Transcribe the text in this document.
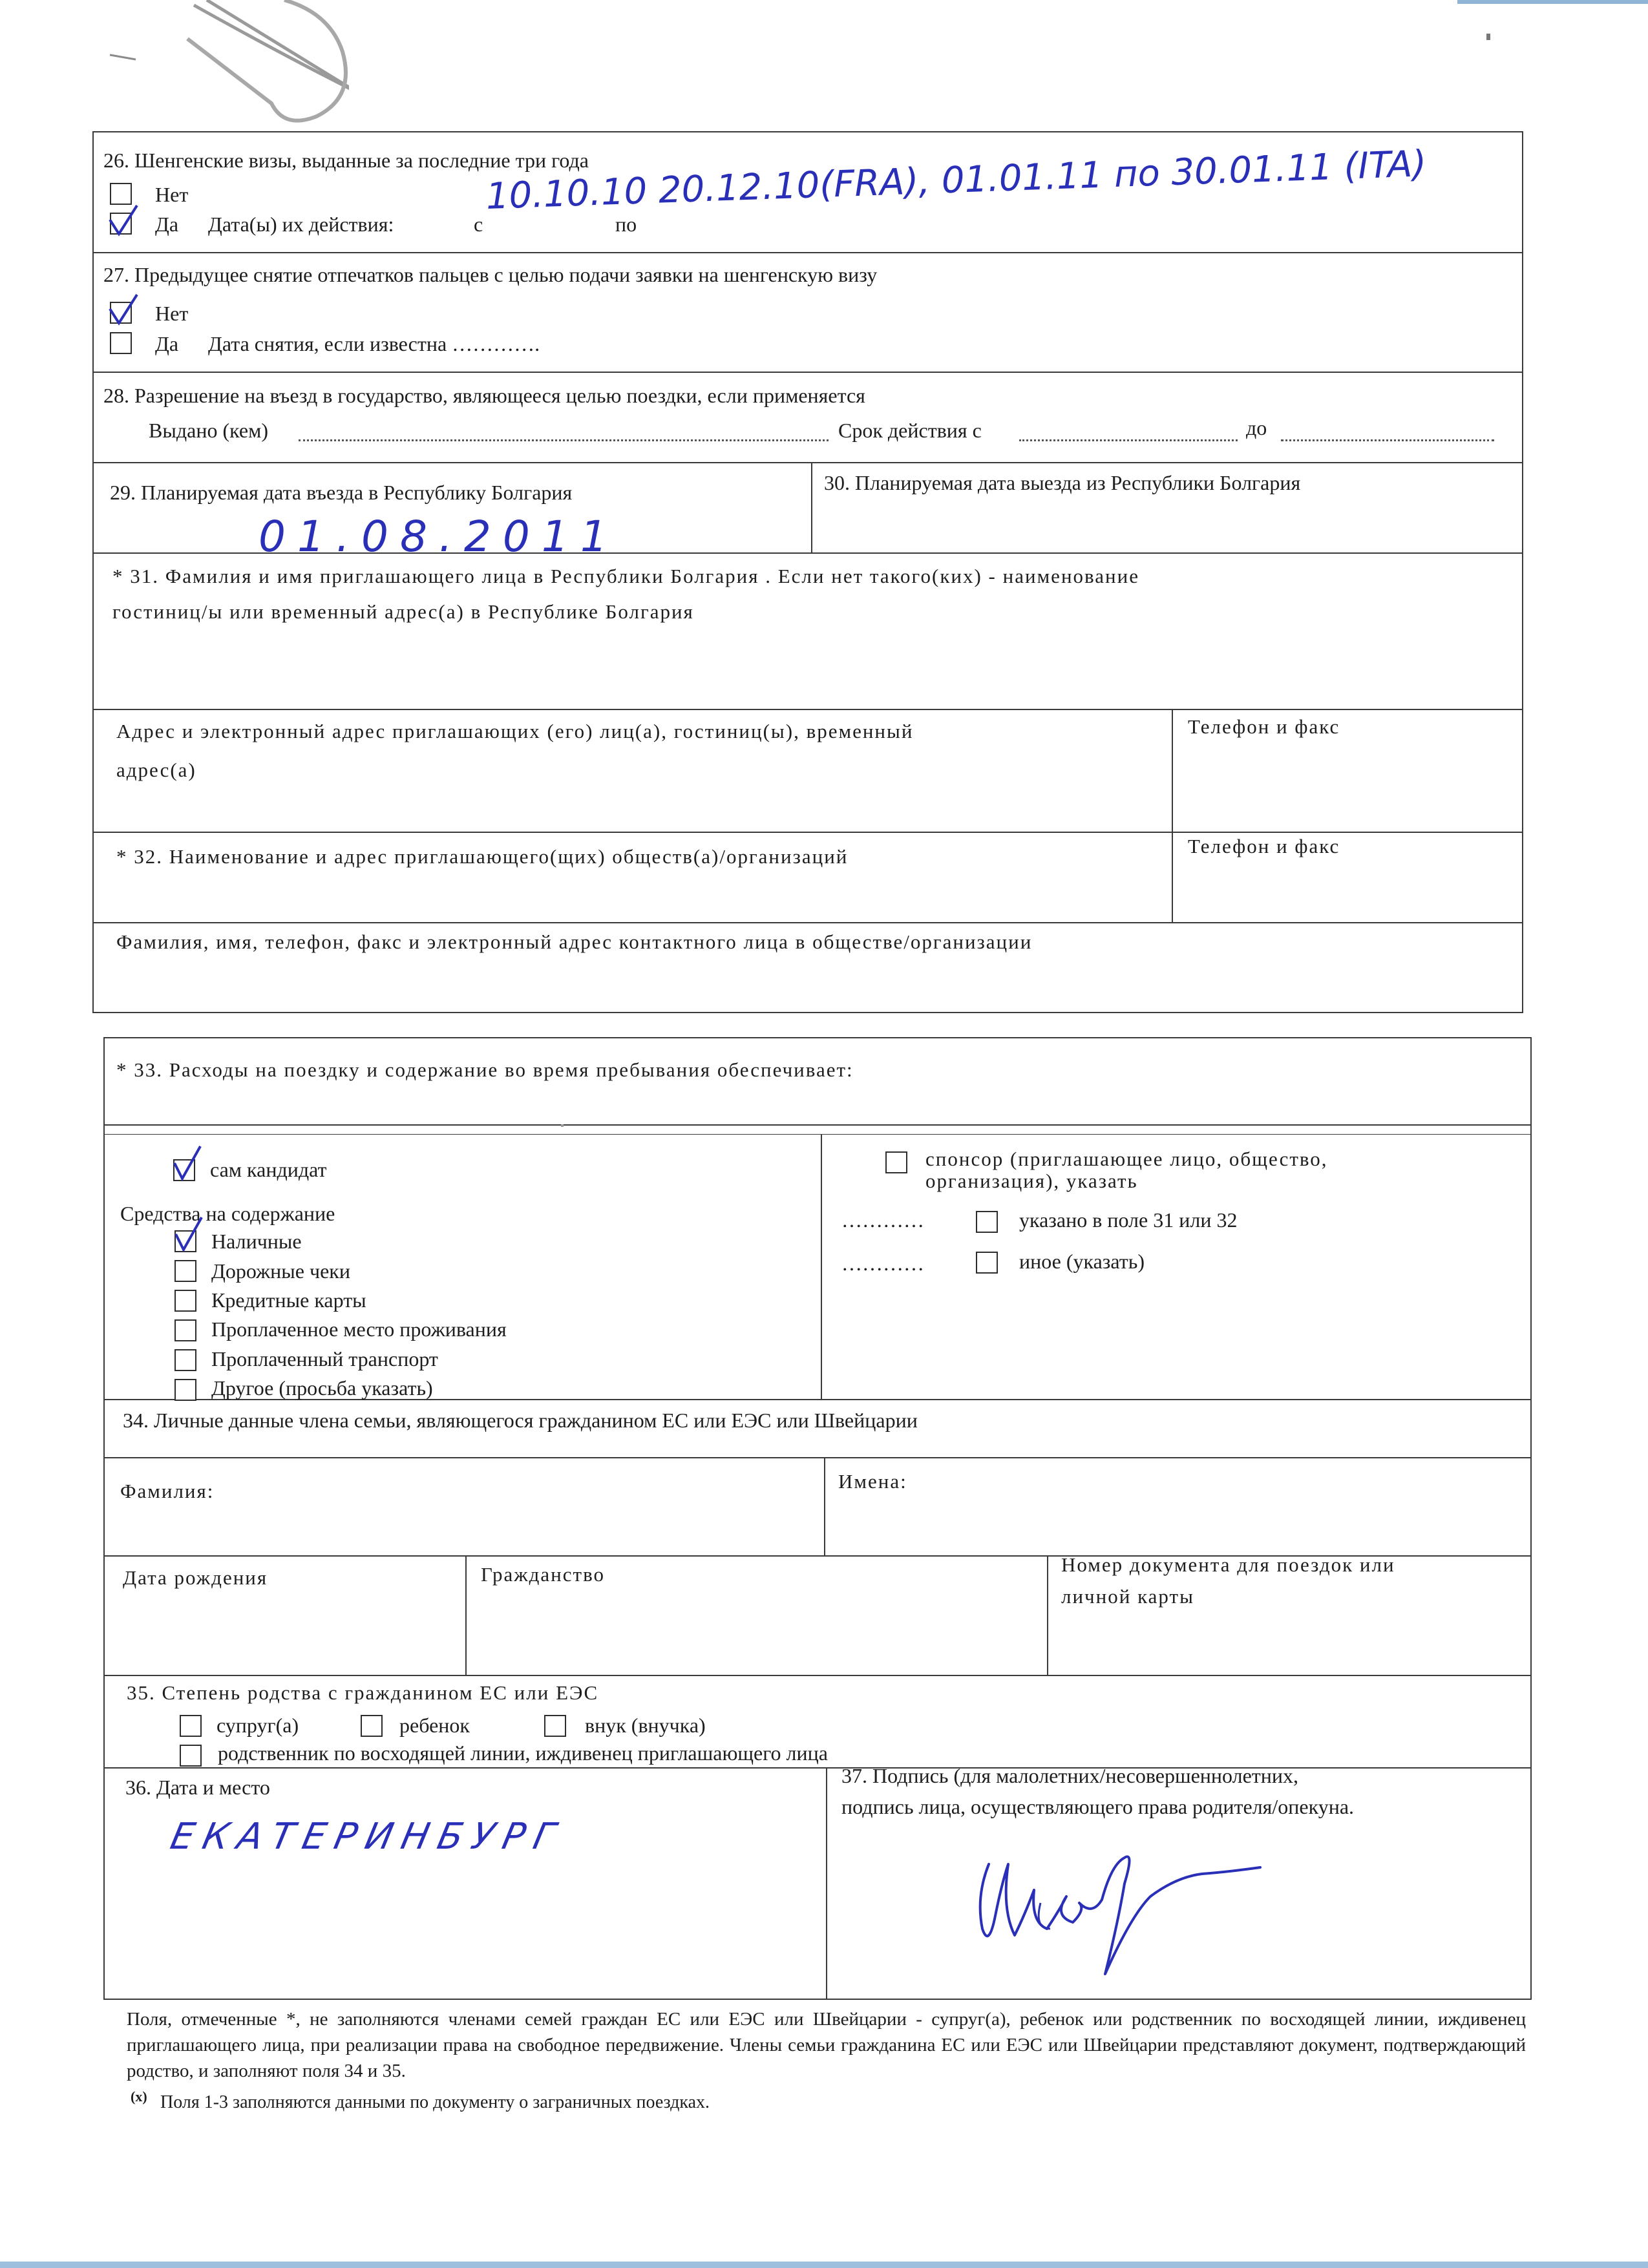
26. Шенгенские визы, выданные за последние три года
Нет
Да Дата(ы) их действия:	с	по
10.10.10 20.12.10(FRA), 01.01.11 по 30.01.11 (ITA)
27. Предыдущее снятие отпечатков пальцев с целью подачи заявки на шенгенскую визу
Нет
Да Дата снятия, если известна ………….
28. Разрешение на въезд в государство, являющееся целью поездки, если применяется
Выдано (кем)	Срок действия с	до
29. Планируемая дата въезда в Республику Болгария
01.08.2011
30. Планируемая дата выезда из Республики Болгария
* 31. Фамилия и имя приглашающего лица в Республики Болгария . Если нет такого(ких) - наименование
гостиниц/ы или временный адрес(а) в Республике Болгария
Адрес и электронный адрес приглашающих (его) лиц(а), гостиниц(ы), временный
адрес(а)
Телефон и факс
* 32. Наименование и адрес приглашающего(щих) обществ(а)/организаций	Телефон и факс
Фамилия, имя, телефон, факс и электронный адрес контактного лица в обществе/организации
* 33. Расходы на поездку и содержание во время пребывания обеспечивает:
сам кандидат
Средства на содержание
Наличные
Дорожные чеки
Кредитные карты
Проплаченное место проживания
Проплаченный транспорт
Другое (просьба указать)
спонсор (приглашающее лицо, общество,
организация), указать
…………	указано в поле 31 или 32
…………	иное (указать)
34. Личные данные члена семьи, являющегося гражданином ЕС или ЕЭС или Швейцарии
Фамилия:	Имена:
Дата рождения	Гражданство	Номер документа для поездок или
личной карты
35. Степень родства с гражданином ЕС или ЕЭС
супруг(а)	ребенок	внук (внучка)
родственник по восходящей линии, иждивенец приглашающего лица
36. Дата и место
ЕКАТЕРИНБУРГ
37. Подпись (для малолетних/несовершеннолетних,
подпись лица, осуществляющего права родителя/опекуна.
Поля, отмеченные *, не заполняются членами семей граждан ЕС или ЕЭС или Швейцарии - супруг(а), ребенок или родственник по восходящей линии, иждивенец приглашающего лица, при реализации права на свободное передвижение. Члены семьи гражданина ЕС или ЕЭС или Швейцарии представляют документ, подтверждающий родство, и заполняют поля 34 и 35.
(x) Поля 1-3 заполняются данными по документу о заграничных поездках.
